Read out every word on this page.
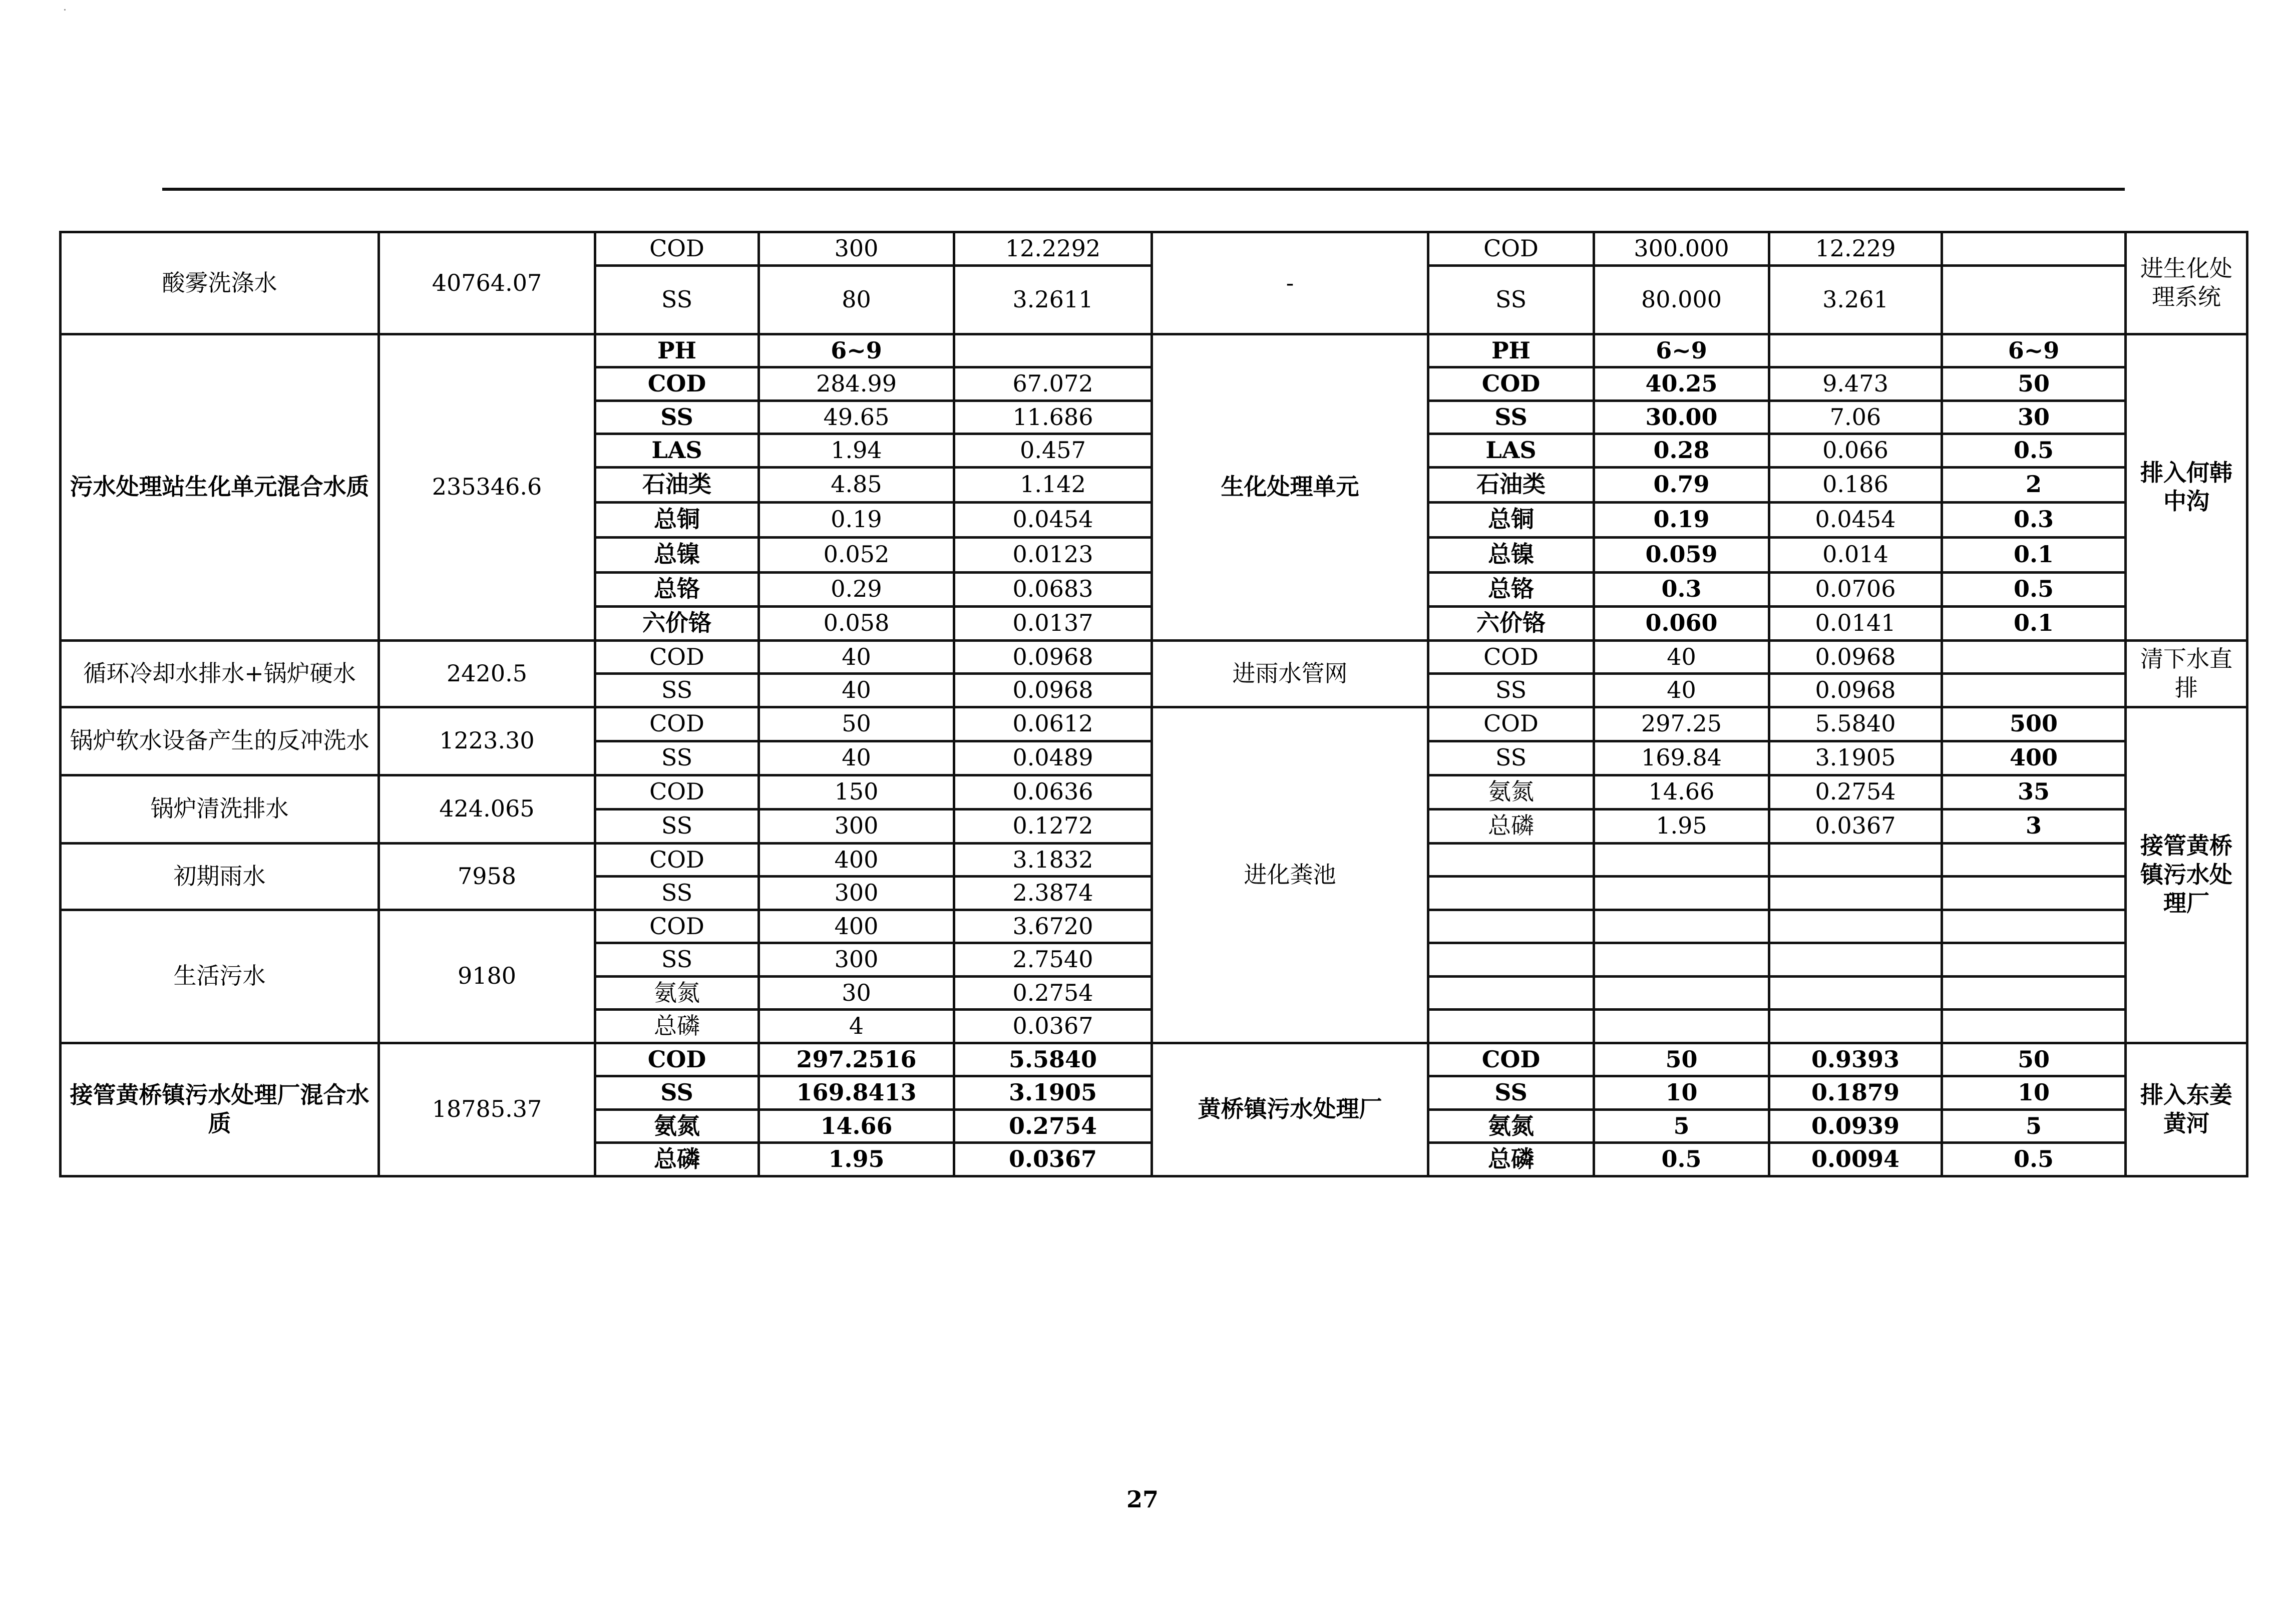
酸雾洗涤水	40764.07	COD	300	12.2292	-	COD	300.000	12.229		进生化处理系统
		SS	80	3.2611		SS	80.000	3.261		
污水处理站生化单元混合水质	235346.6	PH	6~9		生化处理单元	PH	6~9		6~9	排入何韩中沟
		COD	284.99	67.072		COD	40.25	9.473	50	
		SS	49.65	11.686		SS	30.00	7.06	30	
		LAS	1.94	0.457		LAS	0.28	0.066	0.5	
		石油类	4.85	1.142		石油类	0.79	0.186	2	
		总铜	0.19	0.0454		总铜	0.19	0.0454	0.3	
		总镍	0.052	0.0123		总镍	0.059	0.014	0.1	
		总铬	0.29	0.0683		总铬	0.3	0.0706	0.5	
		六价铬	0.058	0.0137		六价铬	0.060	0.0141	0.1	
循环冷却水排水+锅炉硬水	2420.5	COD	40	0.0968	进雨水管网	COD	40	0.0968		清下水直排
		SS	40	0.0968		SS	40	0.0968		
锅炉软水设备产生的反冲洗水	1223.30	COD	50	0.0612	进化粪池	COD	297.25	5.5840	500	接管黄桥镇污水处理厂
		SS	40	0.0489		SS	169.84	3.1905	400	
锅炉清洗排水	424.065	COD	150	0.0636		氨氮	14.66	0.2754	35	
		SS	300	0.1272		总磷	1.95	0.0367	3	
初期雨水	7958	COD	400	3.1832						
		SS	300	2.3874						
生活污水	9180	COD	400	3.6720						
		SS	300	2.7540						
		氨氮	30	0.2754						
		总磷	4	0.0367						
接管黄桥镇污水处理厂混合水质	18785.37	COD	297.2516	5.5840	黄桥镇污水处理厂	COD	50	0.9393	50	排入东姜黄河
		SS	169.8413	3.1905		SS	10	0.1879	10	
		氨氮	14.66	0.2754		氨氮	5	0.0939	5	
		总磷	1.95	0.0367		总磷	0.5	0.0094	0.5	
27
